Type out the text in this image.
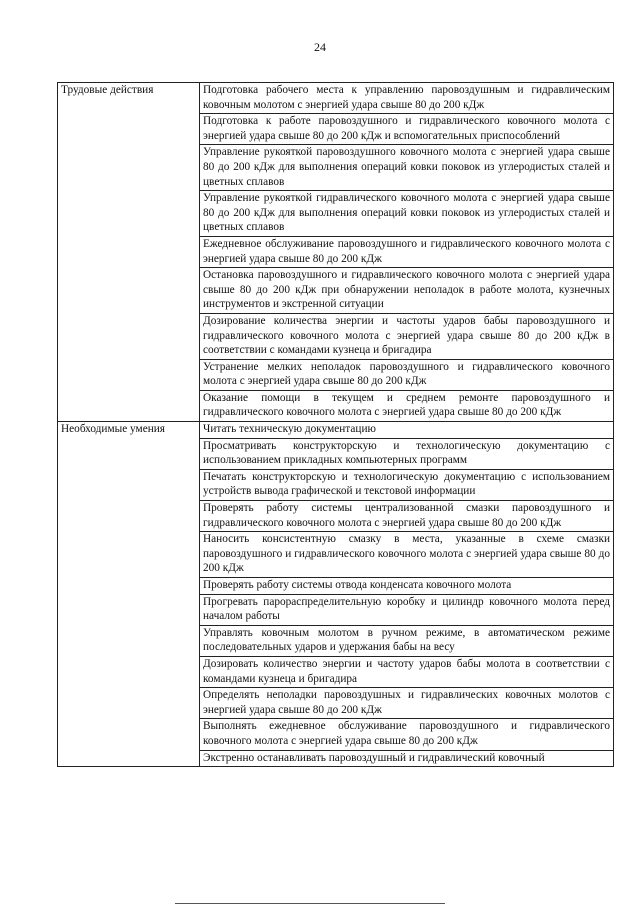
24
Трудовые действия	Подготовка рабочего места к управлению паровоздушным и гидравлическим ковочным молотом с энергией удара свыше 80 до 200 кДж
	Подготовка к работе паровоздушного и гидравлического ковочного молота с энергией удара свыше 80 до 200 кДж и вспомогательных приспособлений
	Управление рукояткой паровоздушного ковочного молота с энергией удара свыше 80 до 200 кДж для выполнения операций ковки поковок из углеродистых сталей и цветных сплавов
	Управление рукояткой гидравлического ковочного молота с энергией удара свыше 80 до 200 кДж для выполнения операций ковки поковок из углеродистых сталей и цветных сплавов
	Ежедневное обслуживание паровоздушного и гидравлического ковочного молота с энергией удара свыше 80 до 200 кДж
	Остановка паровоздушного и гидравлического ковочного молота с энергией удара свыше 80 до 200 кДж при обнаружении неполадок в работе молота, кузнечных инструментов и экстренной ситуации
	Дозирование количества энергии и частоты ударов бабы паровоздушного и гидравлического ковочного молота с энергией удара свыше 80 до 200 кДж в соответствии с командами кузнеца и бригадира
	Устранение мелких неполадок паровоздушного и гидравлического ковочного молота с энергией удара свыше 80 до 200 кДж
	Оказание помощи в текущем и среднем ремонте паровоздушного и гидравлического ковочного молота с энергией удара свыше 80 до 200 кДж
Необходимые умения	Читать техническую документацию
	Просматривать конструкторскую и технологическую документацию с использованием прикладных компьютерных программ
	Печатать конструкторскую и технологическую документацию с использованием устройств вывода графической и текстовой информации
	Проверять работу системы централизованной смазки паровоздушного и гидравлического ковочного молота с энергией удара свыше 80 до 200 кДж
	Наносить консистентную смазку в места, указанные в схеме смазки паровоздушного и гидравлического ковочного молота с энергией удара свыше 80 до 200 кДж
	Проверять работу системы отвода конденсата ковочного молота
	Прогревать парораспределительную коробку и цилиндр ковочного молота перед началом работы
	Управлять ковочным молотом в ручном режиме, в автоматическом режиме последовательных ударов и удержания бабы на весу
	Дозировать количество энергии и частоту ударов бабы молота в соответствии с командами кузнеца и бригадира
	Определять неполадки паровоздушных и гидравлических ковочных молотов с энергией удара свыше 80 до 200 кДж
	Выполнять ежедневное обслуживание паровоздушного и гидравлического ковочного молота с энергией удара свыше 80 до 200 кДж
	Экстренно останавливать паровоздушный и гидравлический ковочный
